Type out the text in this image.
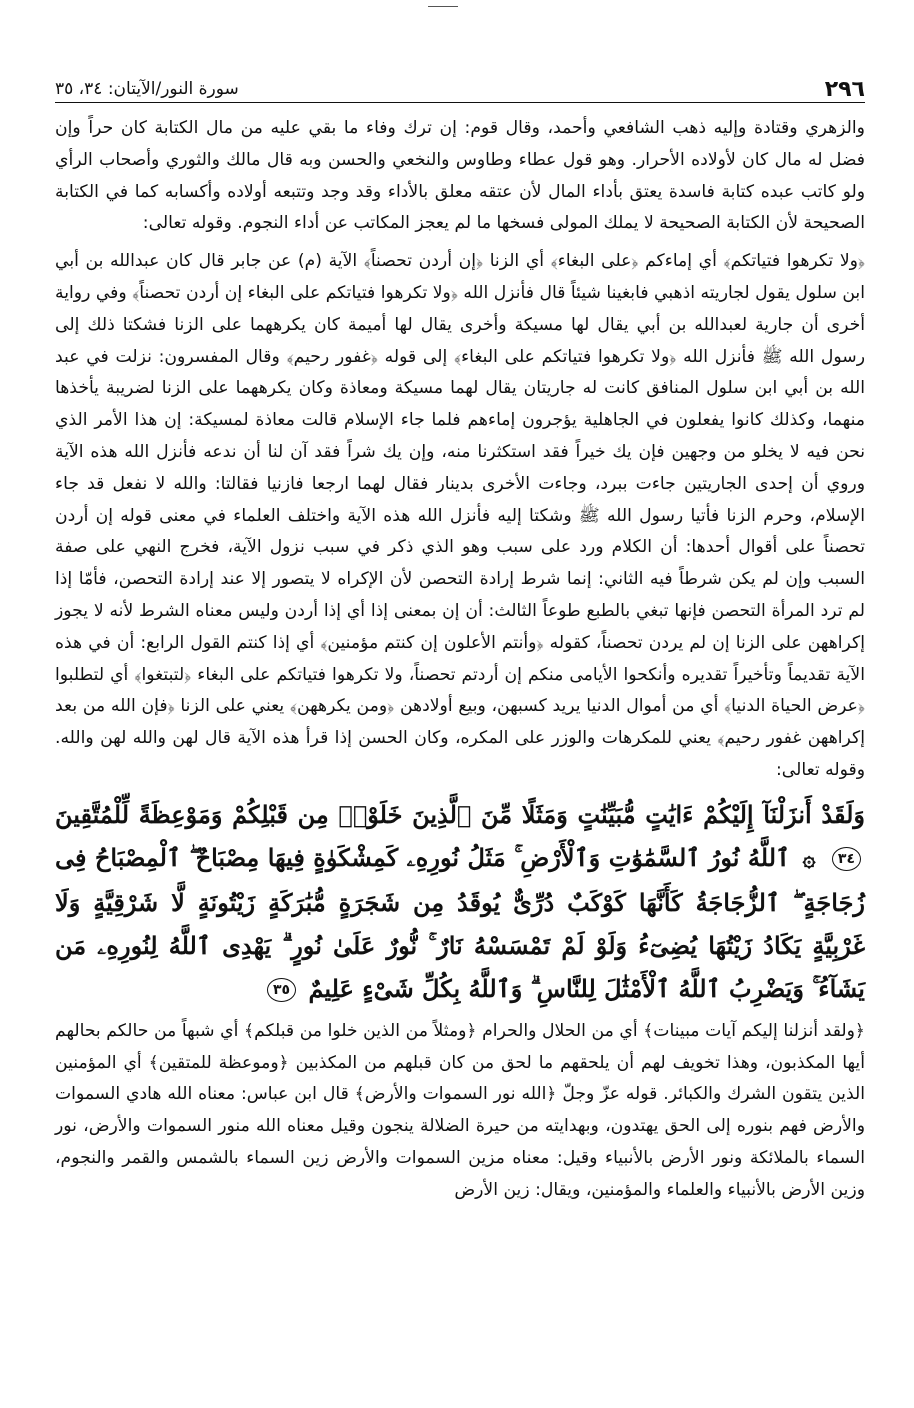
٢٩٦
سورة النور/الآيتان: ٣٤، ٣٥

والزهري وقتادة وإليه ذهب الشافعي وأحمد، وقال قوم: إن ترك وفاء ما بقي عليه من مال الكتابة كان حراً وإن فضل له مال كان لأولاده الأحرار. وهو قول عطاء وطاوس والنخعي والحسن وبه قال مالك والثوري وأصحاب الرأي ولو كاتب عبده كتابة فاسدة يعتق بأداء المال لأن عتقه معلق بالأداء وقد وجد وتتبعه أولاده وأكسابه كما في الكتابة الصحيحة لأن الكتابة الصحيحة لا يملك المولى فسخها ما لم يعجز المكاتب عن أداء النجوم. وقوله تعالى:

﴿ولا تكرهوا فتياتكم﴾ أي إماءكم ﴿على البغاء﴾ أي الزنا ﴿إن أردن تحصناً﴾ الآية (م) عن جابر قال كان عبدالله بن أبي ابن سلول يقول لجاريته اذهبي فابغينا شيئاً قال فأنزل الله ﴿ولا تكرهوا فتياتكم على البغاء إن أردن تحصناً﴾ وفي رواية أخرى أن جارية لعبدالله بن أبي يقال لها مسيكة وأخرى يقال لها أميمة كان يكرههما على الزنا فشكتا ذلك إلى رسول الله ﷺ فأنزل الله ﴿ولا تكرهوا فتياتكم على البغاء﴾ إلى قوله ﴿غفور رحيم﴾ وقال المفسرون: نزلت في عبد الله بن أبي ابن سلول المنافق كانت له جاريتان يقال لهما مسيكة ومعاذة وكان يكرههما على الزنا لضريبة يأخذها منهما، وكذلك كانوا يفعلون في الجاهلية يؤجرون إماءهم فلما جاء الإسلام قالت معاذة لمسيكة: إن هذا الأمر الذي نحن فيه لا يخلو من وجهين فإن يك خيراً فقد استكثرنا منه، وإن يك شراً فقد آن لنا أن ندعه فأنزل الله هذه الآية وروي أن إحدى الجاريتين جاءت ببرد، وجاءت الأخرى بدينار فقال لهما ارجعا فازنيا فقالتا: والله لا نفعل قد جاء الإسلام، وحرم الزنا فأتيا رسول الله ﷺ وشكتا إليه فأنزل الله هذه الآية واختلف العلماء في معنى قوله إن أردن تحصناً على أقوال أحدها: أن الكلام ورد على سبب وهو الذي ذكر في سبب نزول الآية، فخرج النهي على صفة السبب وإن لم يكن شرطاً فيه الثاني: إنما شرط إرادة التحصن لأن الإكراه لا يتصور إلا عند إرادة التحصن، فأمّا إذا لم ترد المرأة التحصن فإنها تبغي بالطبع طوعاً الثالث: أن إن بمعنى إذا أي إذا أردن وليس معناه الشرط لأنه لا يجوز إكراههن على الزنا إن لم يردن تحصناً، كقوله ﴿وأنتم الأعلون إن كنتم مؤمنين﴾ أي إذا كنتم القول الرابع: أن في هذه الآية تقديماً وتأخيراً تقديره وأنكحوا الأيامى منكم إن أردتم تحصناً، ولا تكرهوا فتياتكم على البغاء ﴿لتبتغوا﴾ أي لتطلبوا ﴿عرض الحياة الدنيا﴾ أي من أموال الدنيا يريد كسبهن، وبيع أولادهن ﴿ومن يكرههن﴾ يعني على الزنا ﴿فإن الله من بعد إكراههن غفور رحيم﴾ يعني للمكرهات والوزر على المكره، وكان الحسن إذا قرأ هذه الآية قال لهن والله لهن والله. وقوله تعالى:

وَلَقَدْ أَنزَلْنَآ إِلَيْكُمْ ءَايَٰتٍ مُّبَيِّنَٰتٍ وَمَثَلًا مِّنَ ٱلَّذِينَ خَلَوْا۟ مِن قَبْلِكُمْ وَمَوْعِظَةً لِّلْمُتَّقِينَ ٣٤ ۞ ٱللَّهُ نُورُ ٱلسَّمَٰوَٰتِ وَٱلْأَرْضِ ۚ مَثَلُ نُورِهِۦ كَمِشْكَوٰةٍ فِيهَا مِصْبَاحٌ ۖ ٱلْمِصْبَاحُ فِى زُجَاجَةٍ ۖ ٱلزُّجَاجَةُ كَأَنَّهَا كَوْكَبٌ دُرِّىٌّ يُوقَدُ مِن شَجَرَةٍ مُّبَٰرَكَةٍ زَيْتُونَةٍ لَّا شَرْقِيَّةٍ وَلَا غَرْبِيَّةٍ يَكَادُ زَيْتُهَا يُضِىٓءُ وَلَوْ لَمْ تَمْسَسْهُ نَارٌ ۚ نُّورٌ عَلَىٰ نُورٍ ۗ يَهْدِى ٱللَّهُ لِنُورِهِۦ مَن يَشَآءُ ۚ وَيَضْرِبُ ٱللَّهُ ٱلْأَمْثَٰلَ لِلنَّاسِ ۗ وَٱللَّهُ بِكُلِّ شَىْءٍ عَلِيمٌ ٣٥

﴿ولقد أنزلنا إليكم آيات مبينات﴾ أي من الحلال والحرام ﴿ومثلاً من الذين خلوا من قبلكم﴾ أي شبهاً من حالكم بحالهم أيها المكذبون، وهذا تخويف لهم أن يلحقهم ما لحق من كان قبلهم من المكذبين ﴿وموعظة للمتقين﴾ أي المؤمنين الذين يتقون الشرك والكبائر. قوله عزّ وجلّ ﴿الله نور السموات والأرض﴾ قال ابن عباس: معناه الله هادي السموات والأرض فهم بنوره إلى الحق يهتدون، وبهدايته من حيرة الضلالة ينجون وقيل معناه الله منور السموات والأرض، نور السماء بالملائكة ونور الأرض بالأنبياء وقيل: معناه مزين السموات والأرض زين السماء بالشمس والقمر والنجوم، وزين الأرض بالأنبياء والعلماء والمؤمنين، ويقال: زين الأرض
